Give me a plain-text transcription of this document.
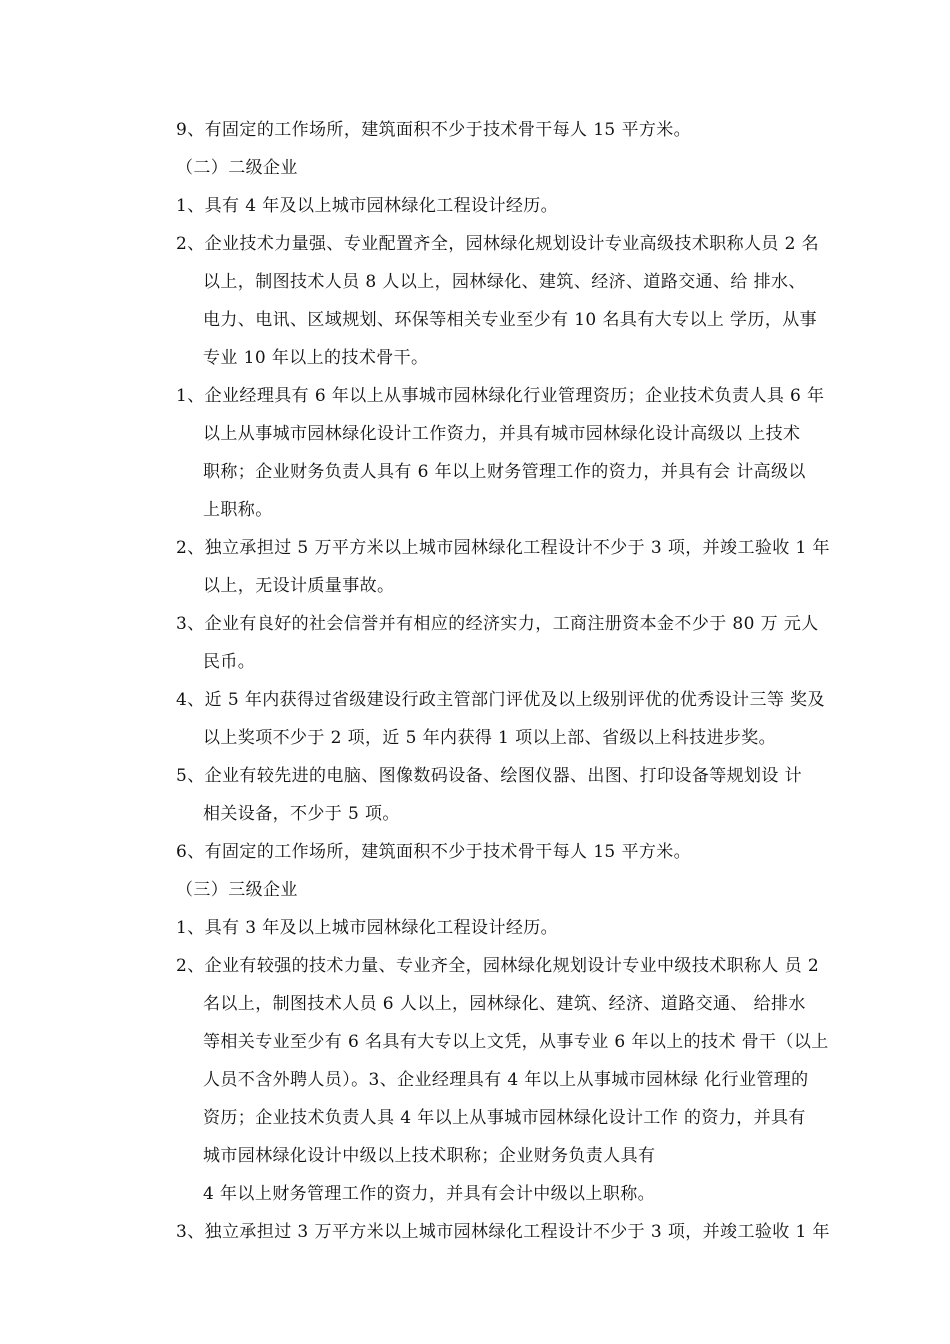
9、有固定的工作场所，建筑面积不少于技术骨干每人 15 平方米。
（二）二级企业
1、具有 4 年及以上城市园林绿化工程设计经历。
2、企业技术力量强、专业配置齐全，园林绿化规划设计专业高级技术职称人员 2 名
以上，制图技术人员 8 人以上，园林绿化、建筑、经济、道路交通、给 排水、
电力、电讯、区域规划、环保等相关专业至少有 10 名具有大专以上 学历，从事
专业 10 年以上的技术骨干。
1、企业经理具有 6 年以上从事城市园林绿化行业管理资历；企业技术负责人具 6 年
以上从事城市园林绿化设计工作资力，并具有城市园林绿化设计高级以 上技术
职称；企业财务负责人具有 6 年以上财务管理工作的资力，并具有会 计高级以
上职称。
2、独立承担过 5 万平方米以上城市园林绿化工程设计不少于 3 项，并竣工验收 1 年
以上，无设计质量事故。
3、企业有良好的社会信誉并有相应的经济实力，工商注册资本金不少于 80 万 元人
民币。
4、近 5 年内获得过省级建设行政主管部门评优及以上级别评优的优秀设计三等 奖及
以上奖项不少于 2 项，近 5 年内获得 1 项以上部、省级以上科技进步奖。
5、企业有较先进的电脑、图像数码设备、绘图仪器、出图、打印设备等规划设 计
相关设备，不少于 5 项。
6、有固定的工作场所，建筑面积不少于技术骨干每人 15 平方米。
（三）三级企业
1、具有 3 年及以上城市园林绿化工程设计经历。
2、企业有较强的技术力量、专业齐全，园林绿化规划设计专业中级技术职称人 员 2
名以上，制图技术人员 6 人以上，园林绿化、建筑、经济、道路交通、 给排水
等相关专业至少有 6 名具有大专以上文凭，从事专业 6 年以上的技术 骨干（以上
人员不含外聘人员）。3、企业经理具有 4 年以上从事城市园林绿 化行业管理的
资历；企业技术负责人具 4 年以上从事城市园林绿化设计工作 的资力，并具有
城市园林绿化设计中级以上技术职称；企业财务负责人具有
4 年以上财务管理工作的资力，并具有会计中级以上职称。
3、独立承担过 3 万平方米以上城市园林绿化工程设计不少于 3 项，并竣工验收 1 年
